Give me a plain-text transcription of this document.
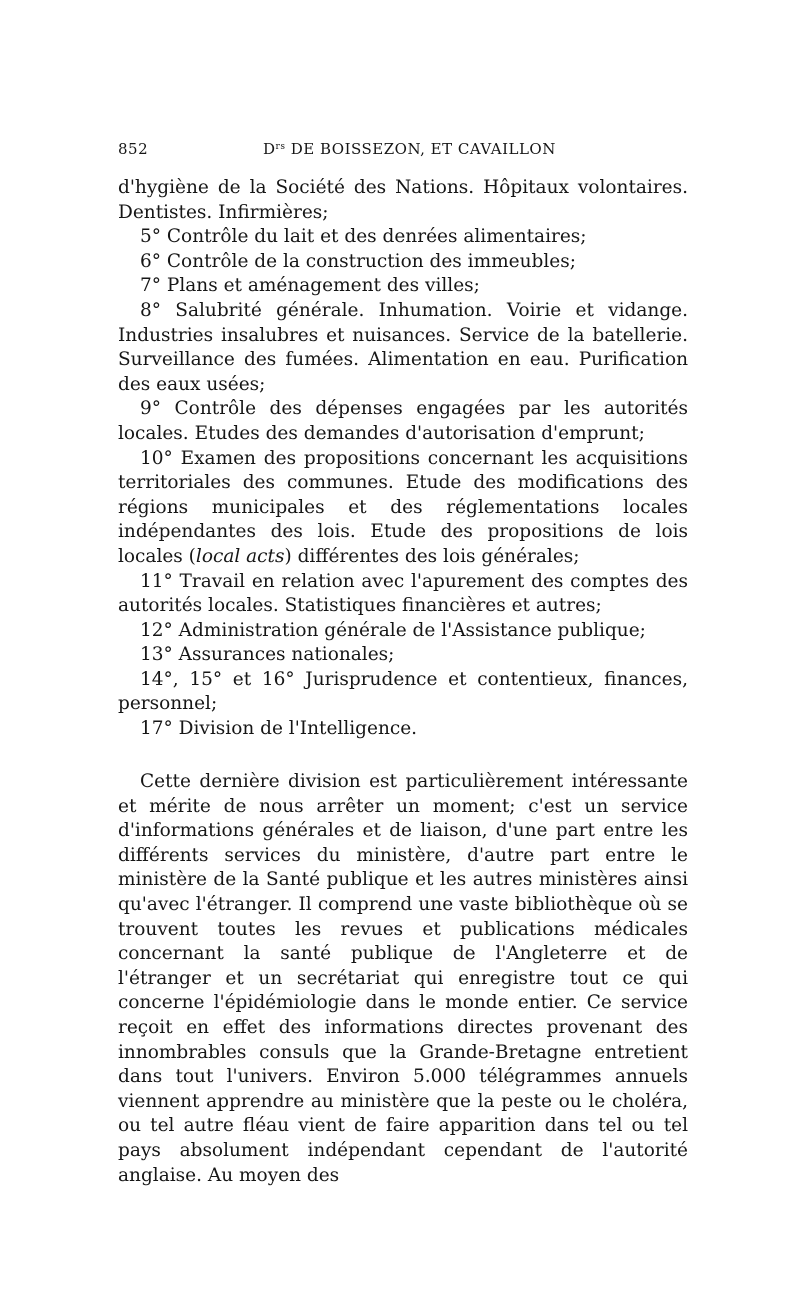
852	$D^{rs}$ DE BOISSEZON, ET CAVAILLON

d'hygiène de la Société des Nations. Hôpitaux volontaires. Dentistes. Infirmières;

5° Contrôle du lait et des denrées alimentaires;

6° Contrôle de la construction des immeubles;

7° Plans et aménagement des villes;

8° Salubrité générale. Inhumation. Voirie et vidange. Industries insalubres et nuisances. Service de la batellerie. Surveillance des fumées. Alimentation en eau. Purification des eaux usées;

9° Contrôle des dépenses engagées par les autorités locales. Etudes des demandes d'autorisation d'emprunt;

10° Examen des propositions concernant les acquisitions territoriales des communes. Etude des modifications des régions municipales et des réglementations locales indépendantes des lois. Etude des propositions de lois locales (local acts) différentes des lois générales;

11° Travail en relation avec l'apurement des comptes des autorités locales. Statistiques financières et autres;

12° Administration générale de l'Assistance publique;

13° Assurances nationales;

14°, 15° et 16° Jurisprudence et contentieux, finances, personnel;

17° Division de l'Intelligence.

Cette dernière division est particulièrement intéressante et mérite de nous arrêter un moment; c'est un service d'informations générales et de liaison, d'une part entre les différents services du ministère, d'autre part entre le ministère de la Santé publique et les autres ministères ainsi qu'avec l'étranger. Il comprend une vaste bibliothèque où se trouvent toutes les revues et publications médicales concernant la santé publique de l'Angleterre et de l'étranger et un secrétariat qui enregistre tout ce qui concerne l'épidémiologie dans le monde entier. Ce service reçoit en effet des informations directes provenant des innombrables consuls que la Grande-Bretagne entretient dans tout l'univers. Environ 5.000 télégrammes annuels viennent apprendre au ministère que la peste ou le choléra, ou tel autre fléau vient de faire apparition dans tel ou tel pays absolument indépendant cependant de l'autorité anglaise. Au moyen des
